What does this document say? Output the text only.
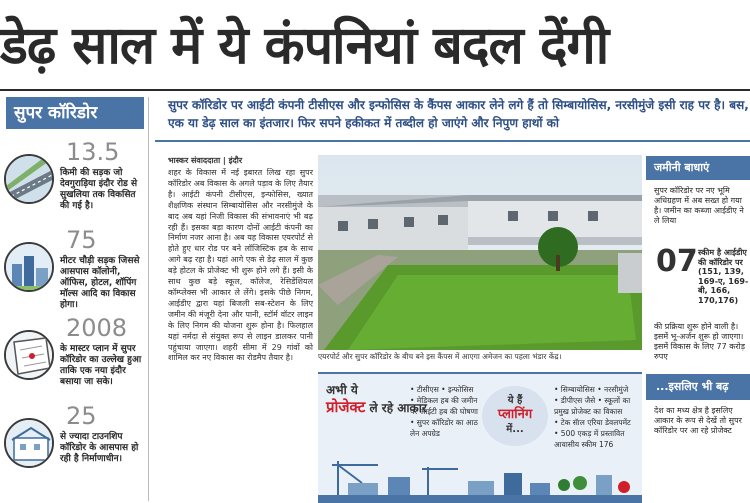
डेढ़ साल में ये कंपनियां बदल देंगी
सुपर कॉरिडोर
13.5
किमी की सड़क जो देवगुराड़िया इंदौर रोड से सुखलिया तक विकसित की गई है।
75
मीटर चौड़ी सड़क जिससे आसपास कॉलोनी, ऑफिस, होटल, शॉपिंग मॉल्स आदि का विकास होगा।
2008
के मास्टर प्लान में सुपर कॉरिडोर का उल्लेख हुआ ताकि एक नया इंदौर बसाया जा सके।
25
से ज्यादा टाउनशिप कॉरिडोर के आसपास हो रही है निर्माणाधीन।
सुपर कॉरिडोर पर आईटी कंपनी टीसीएस और इन्फोसिस के कैंपस आकार लेने लगे हैं तो सिम्बायोसिस, नरसीमुंजे इसी राह पर है। बस, एक या डेढ़ साल का इंतजार। फिर सपने हकीकत में तब्दील हो जाएंगे और निपुण हाथों को
भास्कर संवाददाता | इंदौर
शहर के विकास में नई इबारत लिख रहा सुपर कॉरिडोर अब विकास के अगले पड़ाव के लिए तैयार है। आईटी कंपनी टीसीएस, इन्फोसिस, ख्यात शैक्षणिक संस्थान सिम्बायोसिस और नरसीमुंजे के बाद अब यहां निजी विकास की संभावनाएं भी बढ़ रही हैं। इसका बड़ा कारण दोनों आईटी कंपनी का निर्माण नजर आना है। अब यह विकास एयरपोर्ट से होते हुए धार रोड पर बने लॉजिस्टिक हब के साथ आगे बढ़ रहा है। यहां आगे एक से डेढ़ साल में कुछ बड़े होटल के प्रोजेक्ट भी शुरू होने लगे हैं। इसी के साथ कुछ बड़े स्कूल, कॉलेज, रेसिडेंशियल कॉम्प्लेक्स भी आकार ले लेंगे। इसके पीछे निगम, आईडीए द्वारा यहां बिजली सब-स्टेशन के लिए जमीन की मंजूरी देना और पानी, स्टॉर्म वॉटर लाइन के लिए निगम की योजना शुरू होना है। फिलहाल यहां नर्मदा से संयुक्त रूप से लाइन डालकर पानी पहुंचाया जाएगा। शहरी सीमा में 29 गांवों को शामिल कर नए विकास का रोडमैप तैयार है।	एयरपोर्ट और सुपर कॉरिडोर के बीच बने इस कैंपस में आएगा अमेजन का पहला भंडार केंद्र।
जमीनी बाधाएं
सुपर कॉरिडोर पर नए भूमि अधिग्रहण में अब सख्त हो गया है। जमीन का कब्जा आईडीए ने ले लिया
07 स्कीम है आईडीए की कॉरिडोर पर (151, 139, 169-ए, 169-बी, 166, 170,176)
की प्रक्रिया शुरू होने वाली है। इसमें भू-अर्जन शुरू हो जाएगा। इसमें विकास के लिए 77 करोड़ रुपए
...इसलिए भी बढ़
देश का मध्य क्षेत्र है इसलिए आकार के रूप से देखें तो सुपर कॉरिडोर पर आ रहे प्रोजेक्ट
अभी ये
प्रोजेक्ट ले रहे आकार
• टीसीएस • इन्फोसिस
• मेडिकल हब की जमीन
पर आईटी हब की घोषणा
• सुपर कॉरिडोर का आठ
लेन अपग्रेड
ये हैं
प्लानिंग
में...
• सिम्बायोसिस • नरसीमुंजे
• डीपीएस जैसे • स्कूलों का
प्रमुख प्रोजेक्ट का विकास
• टेक सॅाल एरिया डेवलपमेंट
• 500 एकड़ में प्रस्तावित
आवासीय स्कीम 176
